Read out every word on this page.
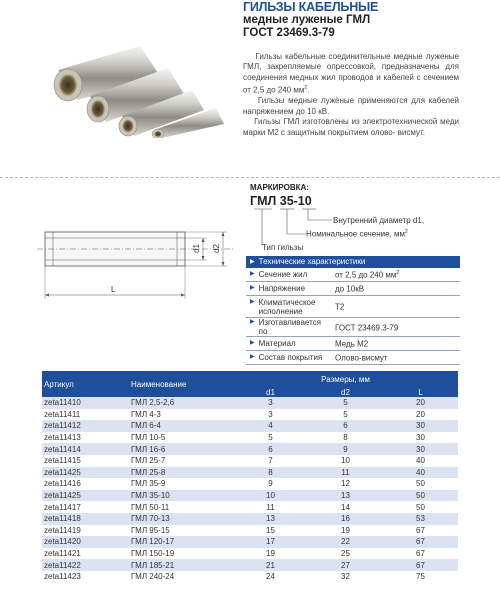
ГИЛЬЗЫ КАБЕЛЬНЫЕ
медные луженые ГМЛ
ГОСТ 23469.3-79

Гильзы кабельные соединительные медные луженые ГМЛ, закрепляемые опрессовкой, предназначены для соединения медных жил проводов и кабелей с сечением от 2,5 до 240 $мм^2$.

Гильзы медные лужёные применяются для кабелей напряжением до 10 кВ.

Гильзы ГМЛ изготовлены из электротехнической меди марки М2 с защитным покрытием олово- висмут.

d1 d2
L
МАРКИРОВКА:
ГМЛ 35-10
Внутренний диаметр d1,
Номинальное сечение, $мм^2$
Тип гильзы
▶ Технические характеристики
▶ Сечение жил	от 2,5 до 240 $мм^2$
▶ Напряжение	до 10кВ
▶ Климатическое исполнение	Т2
▶ Изготавливается по	ГОСТ 23469.3-79
▶ Материал	Медь М2
▶ Состав покрытия	Олово-висмут
Артикул	Наименование	Размеры, мм		
		d1	d2	L
zeta11410	ГМЛ 2,5-2,6	3	5	20
zeta11411	ГМЛ 4-3	3	5	20
zeta11412	ГМЛ 6-4	4	6	30
zeta11413	ГМЛ 10-5	5	8	30
zeta11414	ГМЛ 16-6	6	9	30
zeta11415	ГМЛ 25-7	7	10	40
zeta11425	ГМЛ 25-8	8	11	40
zeta11416	ГМЛ 35-9	9	12	50
zeta11425	ГМЛ 35-10	10	13	50
zeta11417	ГМЛ 50-11	11	14	50
zeta11418	ГМЛ 70-13	13	16	53
zeta11419	ГМЛ 95-15	15	19	67
zeta11420	ГМЛ 120-17	17	22	67
zeta11421	ГМЛ 150-19	19	25	67
zeta11422	ГМЛ 185-21	21	27	67
zeta11423	ГМЛ 240-24	24	32	75
